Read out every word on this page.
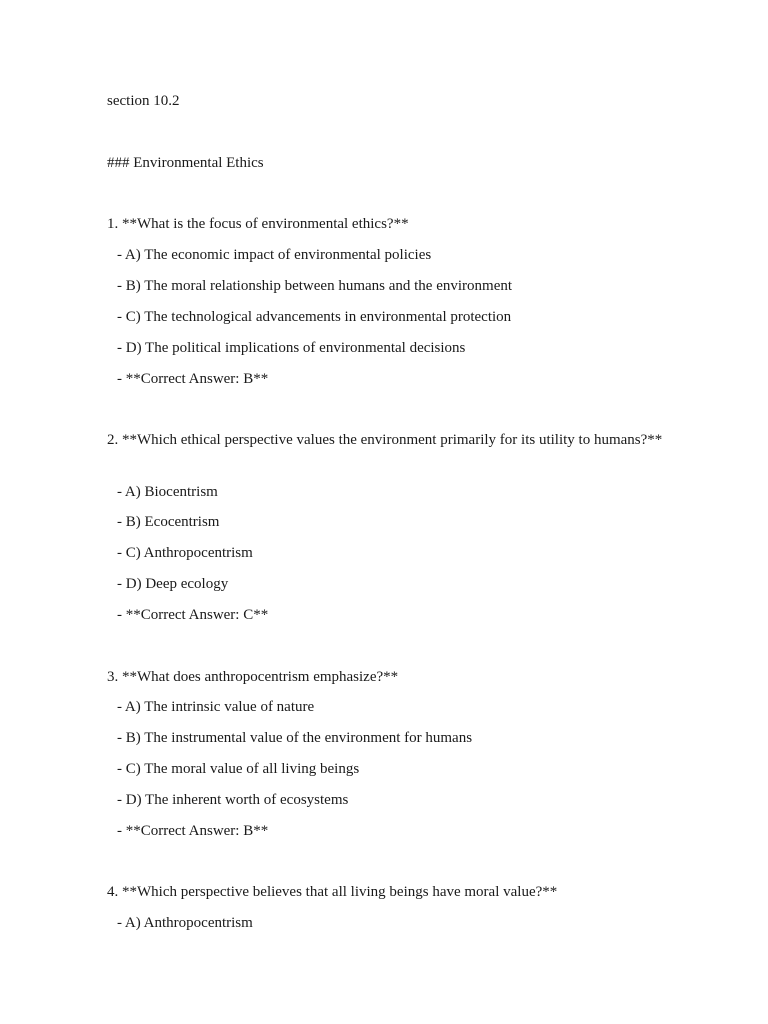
section 10.2
### Environmental Ethics
1. **What is the focus of environmental ethics?**
- A) The economic impact of environmental policies
- B) The moral relationship between humans and the environment
- C) The technological advancements in environmental protection
- D) The political implications of environmental decisions
- **Correct Answer: B**
2. **Which ethical perspective values the environment primarily for its utility to humans?**
- A) Biocentrism
- B) Ecocentrism
- C) Anthropocentrism
- D) Deep ecology
- **Correct Answer: C**
3. **What does anthropocentrism emphasize?**
- A) The intrinsic value of nature
- B) The instrumental value of the environment for humans
- C) The moral value of all living beings
- D) The inherent worth of ecosystems
- **Correct Answer: B**
4. **Which perspective believes that all living beings have moral value?**
- A) Anthropocentrism
